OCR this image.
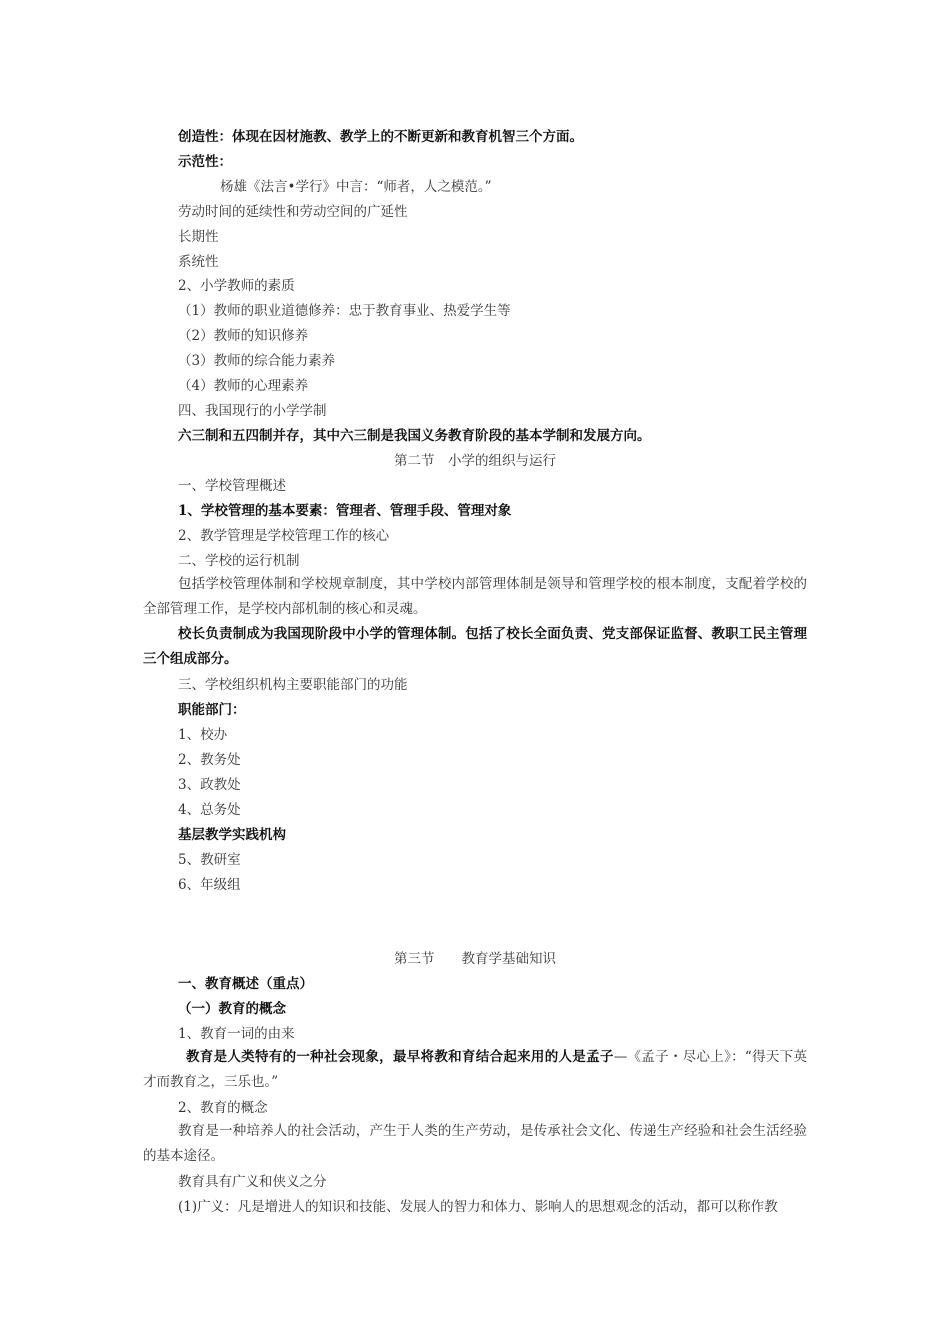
创造性：体现在因材施教、教学上的不断更新和教育机智三个方面。
示范性：
杨雄《法言•学行》中言：“师者，人之模范。”
劳动时间的延续性和劳动空间的广延性
长期性
系统性
2、小学教师的素质
（1）教师的职业道德修养：忠于教育事业、热爱学生等
（2）教师的知识修养
（3）教师的综合能力素养
（4）教师的心理素养
四、我国现行的小学学制
六三制和五四制并存，其中六三制是我国义务教育阶段的基本学制和发展方向。
第二节　小学的组织与运行
一、学校管理概述
1、学校管理的基本要素：管理者、管理手段、管理对象
2、教学管理是学校管理工作的核心
二、学校的运行机制
包括学校管理体制和学校规章制度，其中学校内部管理体制是领导和管理学校的根本制度，支配着学校的全部管理工作，是学校内部机制的核心和灵魂。
校长负责制成为我国现阶段中小学的管理体制。包括了校长全面负责、党支部保证监督、教职工民主管理三个组成部分。
三、学校组织机构主要职能部门的功能
职能部门：
1、校办
2、教务处
3、政教处
4、总务处
基层教学实践机构
5、教研室
6、年级组
第三节　　教育学基础知识
一、教育概述（重点）
（一）教育的概念
1、教育一词的由来
教育是人类特有的一种社会现象，最早将教和育结合起来用的人是孟子—《孟子・尽心上》：“得天下英才而教育之，三乐也。”
2、教育的概念
教育是一种培养人的社会活动，产生于人类的生产劳动，是传承社会文化、传递生产经验和社会生活经验的基本途径。
教育具有广义和侠义之分
(1)广义：凡是增进人的知识和技能、发展人的智力和体力、影响人的思想观念的活动，都可以称作教
